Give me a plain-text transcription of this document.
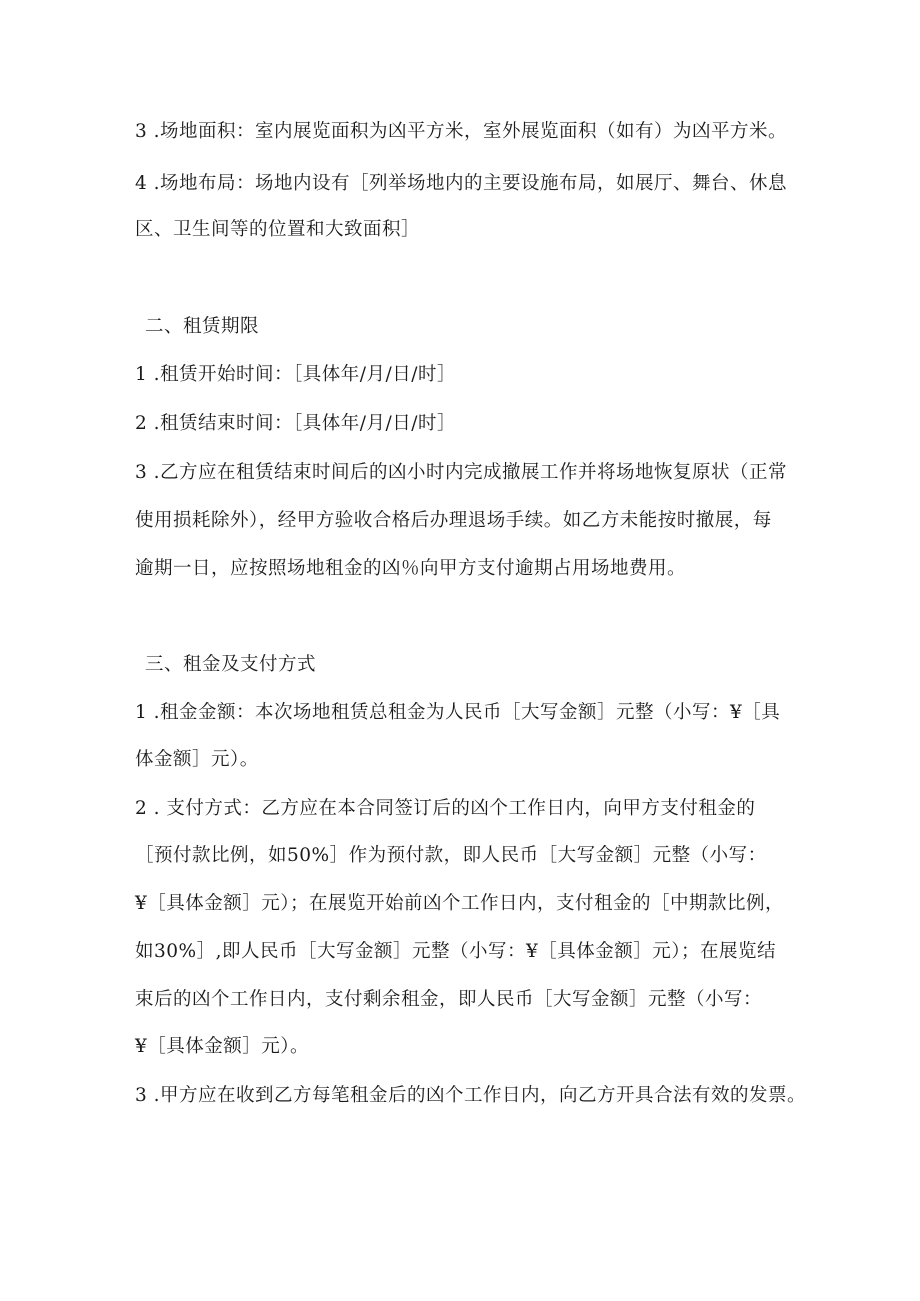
3 .场地面积：室内展览面积为凶平方米，室外展览面积（如有）为凶平方米。
4 .场地布局：场地内设有［列举场地内的主要设施布局，如展厅、舞台、休息
区、卫生间等的位置和大致面积］
二、租赁期限
1 .租赁开始时间：［具体年/月/日/时］
2 .租赁结束时间：［具体年/月/日/时］
3 .乙方应在租赁结束时间后的凶小时内完成撤展工作并将场地恢复原状（正常
使用损耗除外），经甲方验收合格后办理退场手续。如乙方未能按时撤展，每
逾期一日，应按照场地租金的凶％向甲方支付逾期占用场地费用。
三、租金及支付方式
1 .租金金额：本次场地租赁总租金为人民币［大写金额］元整（小写：¥［具
体金额］元）。
2 . 支付方式：乙方应在本合同签订后的凶个工作日内，向甲方支付租金的
［预付款比例，如50%］作为预付款，即人民币［大写金额］元整（小写：
¥［具体金额］元）；在展览开始前凶个工作日内，支付租金的［中期款比例，
如30%］,即人民币［大写金额］元整（小写：¥［具体金额］元）；在展览结
束后的凶个工作日内，支付剩余租金，即人民币［大写金额］元整（小写：
¥［具体金额］元）。
3 .甲方应在收到乙方每笔租金后的凶个工作日内，向乙方开具合法有效的发票。
